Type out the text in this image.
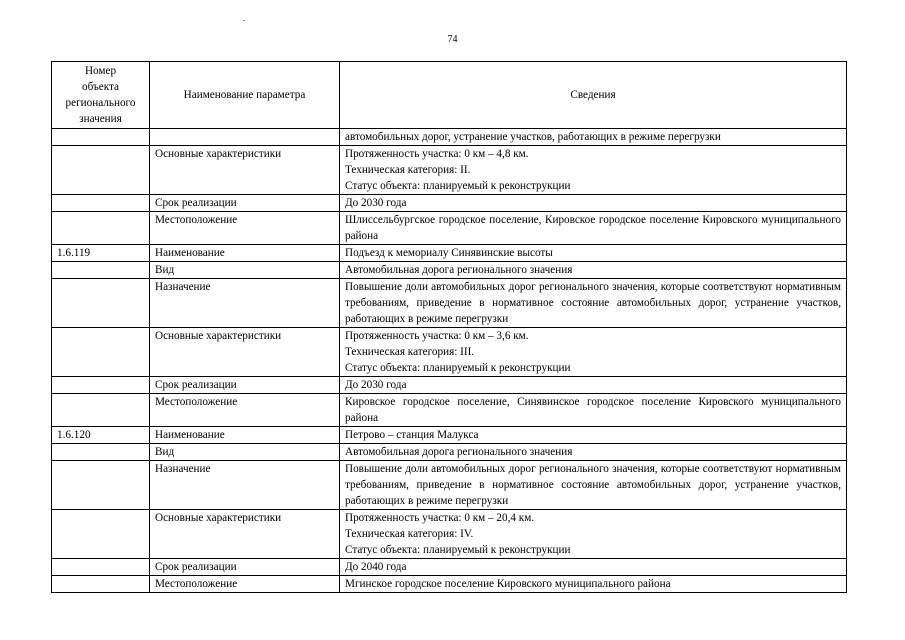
74
Номер
объекта
регионального
значения	Наименование параметра	Сведения

		автомобильных дорог, устранение участков, работающих в режиме перегрузки

	Основные характеристики	Протяженность участка: 0 км – 4,8 км.
Техническая категория: II.
Статус объекта: планируемый к реконструкции

	Срок реализации	До 2030 года

	Местоположение	Шлиссельбургское городское поселение, Кировское городское поселение Кировского муниципального района

1.6.119	Наименование	Подъезд к мемориалу Синявинские высоты

	Вид	Автомобильная дорога регионального значения

	Назначение	Повышение доли автомобильных дорог регионального значения, которые соответствуют нормативным требованиям, приведение в нормативное состояние автомобильных дорог, устранение участков, работающих в режиме перегрузки

	Основные характеристики	Протяженность участка: 0 км – 3,6 км.
Техническая категория: III.
Статус объекта: планируемый к реконструкции

	Срок реализации	До 2030 года

	Местоположение	Кировское городское поселение, Синявинское городское поселение Кировского муниципального района

1.6.120	Наименование	Петрово – станция Малукса

	Вид	Автомобильная дорога регионального значения

	Назначение	Повышение доли автомобильных дорог регионального значения, которые соответствуют нормативным требованиям, приведение в нормативное состояние автомобильных дорог, устранение участков, работающих в режиме перегрузки

	Основные характеристики	Протяженность участка: 0 км – 20,4 км.
Техническая категория: IV.
Статус объекта: планируемый к реконструкции

	Срок реализации	До 2040 года

	Местоположение	Мгинское городское поселение Кировского муниципального района
